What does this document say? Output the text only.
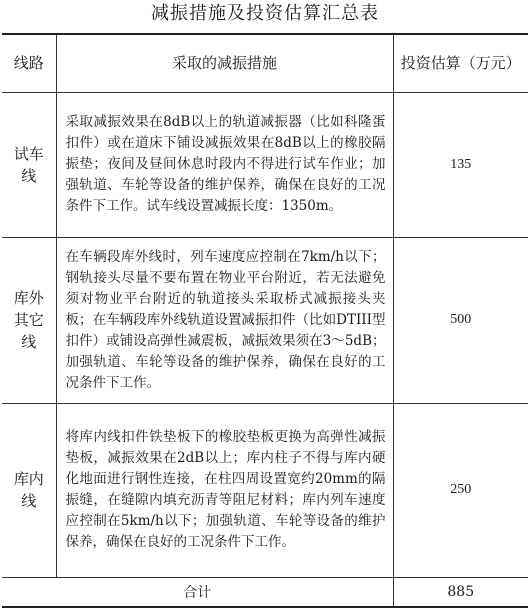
减振措施及投资估算汇总表
线路	采取的减振措施	投资估算（万元）
试车线	采取减振效果在8dB以上的轨道减振器（比如科隆蛋扣件）或在道床下铺设减振效果在8dB以上的橡胶隔振垫；夜间及昼间休息时段内不得进行试车作业；加强轨道、车轮等设备的维护保养，确保在良好的工况条件下工作。试车线设置减振长度：1350m。	135
库外其它线	在车辆段库外线时，列车速度应控制在7km/h以下；钢轨接头尽量不要布置在物业平台附近，若无法避免须对物业平台附近的轨道接头采取桥式减振接头夹板；在车辆段库外线轨道设置减振扣件（比如DTIII型扣件）或铺设高弹性减震板，减振效果须在3～5dB；加强轨道、车轮等设备的维护保养，确保在良好的工况条件下工作。	500
库内线	将库内线扣件铁垫板下的橡胶垫板更换为高弹性减振垫板，减振效果在2dB以上；库内柱子不得与库内硬化地面进行钢性连接，在柱四周设置宽约20mm的隔振缝，在缝隙内填充沥青等阻尼材料；库内列车速度应控制在5km/h以下；加强轨道、车轮等设备的维护保养，确保在良好的工况条件下工作。	250
合计		885
